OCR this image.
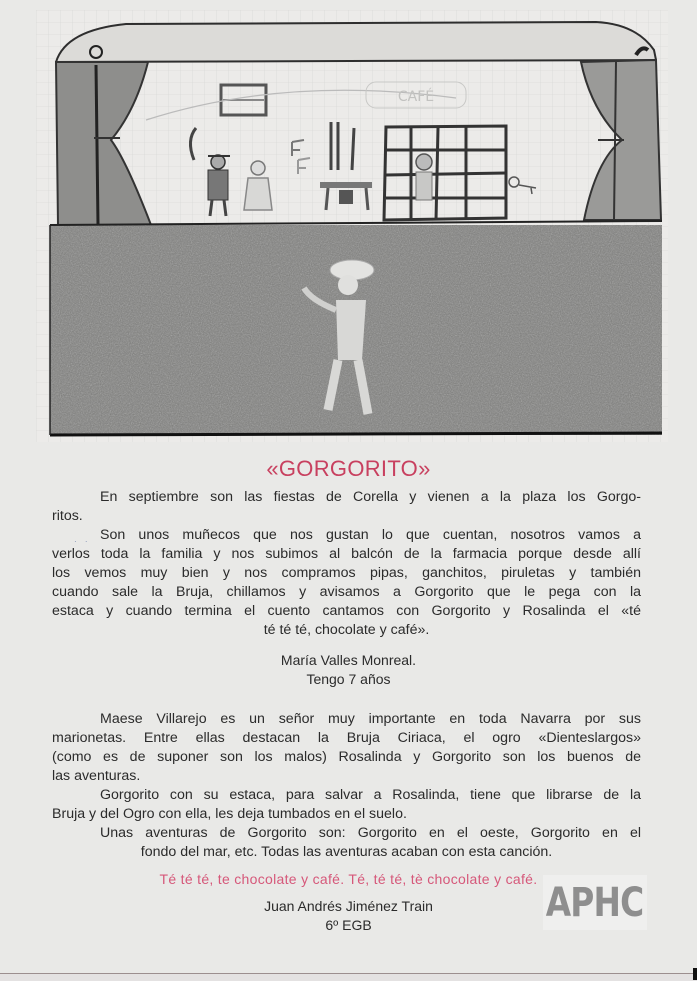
CAFÉ
«GORGORITO»
En septiembre son las fiestas de Corella y vienen a la plaza los Gorgo-
ritos.
Son unos muñecos que nos gustan lo que cuentan, nosotros vamos a
verlos toda la familia y nos subimos al balcón de la farmacia porque desde allí
los vemos muy bien y nos compramos pipas, ganchitos, piruletas y también
cuando sale la Bruja, chillamos y avisamos a Gorgorito que le pega con la
estaca y cuando termina el cuento cantamos con Gorgorito y Rosalinda el «té
té té té, chocolate y café».
· ·
María Valles Monreal.
Tengo 7 años
Maese Villarejo es un señor muy importante en toda Navarra por sus
marionetas. Entre ellas destacan la Bruja Ciriaca, el ogro «Dienteslargos»
(como es de suponer son los malos) Rosalinda y Gorgorito son los buenos de
las aventuras.
Gorgorito con su estaca, para salvar a Rosalinda, tiene que librarse de la
Bruja y del Ogro con ella, les deja tumbados en el suelo.
Unas aventuras de Gorgorito son: Gorgorito en el oeste, Gorgorito en el
fondo del mar, etc. Todas las aventuras acaban con esta canción.
Té té té, te chocolate y café. Té, té té, tè chocolate y café.
Juan Andrés Jiménez Train
6º EGB	APHC
